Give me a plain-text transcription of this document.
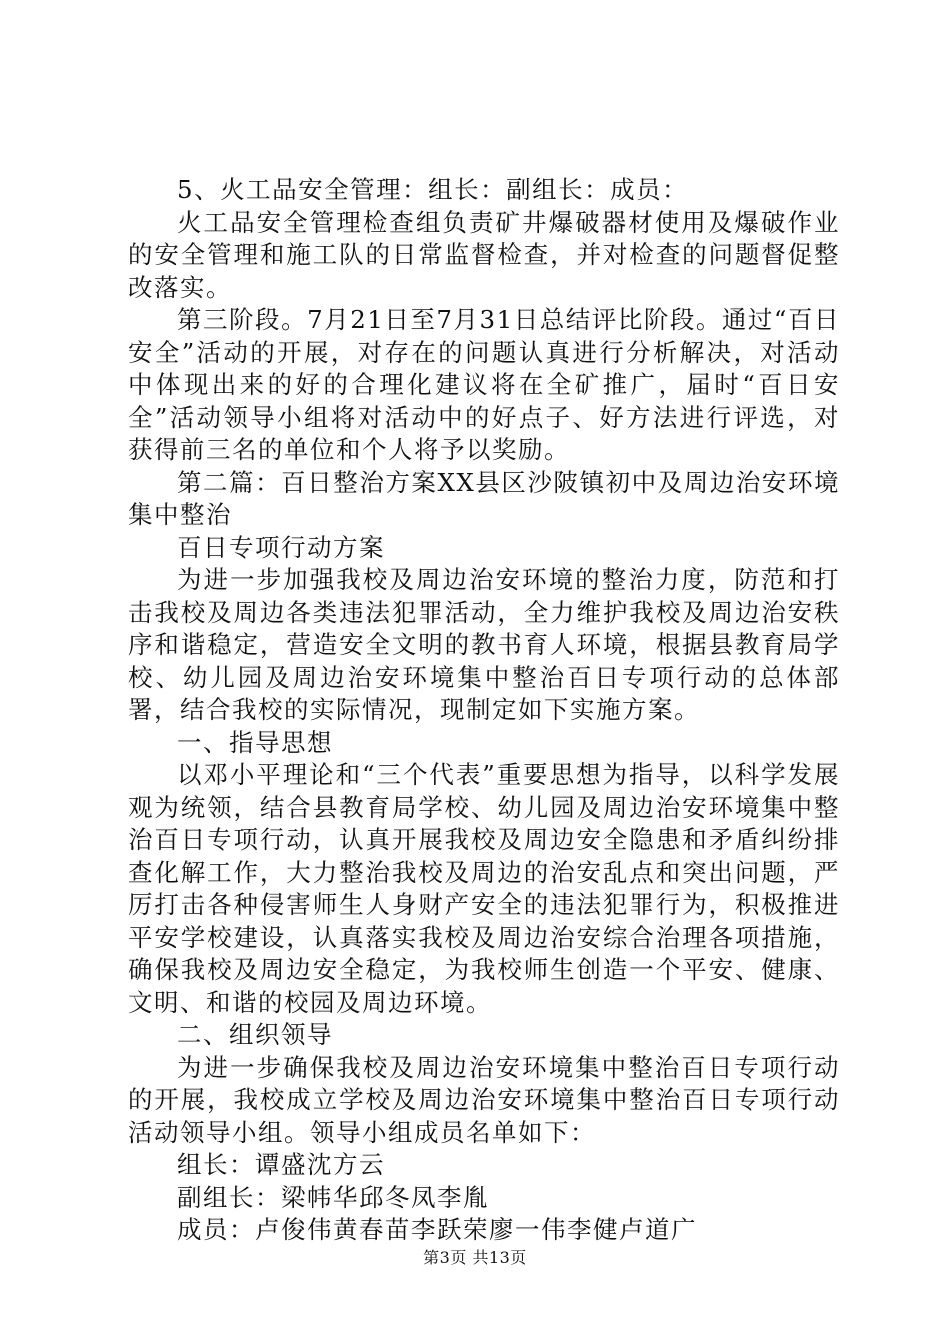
5、火工品安全管理：组长：副组长：成员：

火工品安全管理检查组负责矿井爆破器材使用及爆破作业的安全管理和施工队的日常监督检查，并对检查的问题督促整改落实。

第三阶段。7月21日至7月31日总结评比阶段。通过“百日安全”活动的开展，对存在的问题认真进行分析解决，对活动中体现出来的好的合理化建议将在全矿推广，届时“百日安全”活动领导小组将对活动中的好点子、好方法进行评选，对获得前三名的单位和个人将予以奖励。

第二篇：百日整治方案XX县区沙陂镇初中及周边治安环境集中整治

百日专项行动方案

为进一步加强我校及周边治安环境的整治力度，防范和打击我校及周边各类违法犯罪活动，全力维护我校及周边治安秩序和谐稳定，营造安全文明的教书育人环境，根据县教育局学校、幼儿园及周边治安环境集中整治百日专项行动的总体部署，结合我校的实际情况，现制定如下实施方案。

一、指导思想

以邓小平理论和“三个代表”重要思想为指导，以科学发展观为统领，结合县教育局学校、幼儿园及周边治安环境集中整治百日专项行动，认真开展我校及周边安全隐患和矛盾纠纷排查化解工作，大力整治我校及周边的治安乱点和突出问题，严厉打击各种侵害师生人身财产安全的违法犯罪行为，积极推进平安学校建设，认真落实我校及周边治安综合治理各项措施，确保我校及周边安全稳定，为我校师生创造一个平安、健康、文明、和谐的校园及周边环境。

二、组织领导

为进一步确保我校及周边治安环境集中整治百日专项行动的开展，我校成立学校及周边治安环境集中整治百日专项行动活动领导小组。领导小组成员名单如下：

组长：谭盛沈方云

副组长：梁帏华邱冬凤李胤

成员：卢俊伟黄春苗李跃荣廖一伟李健卢道广

第3页 共13页
